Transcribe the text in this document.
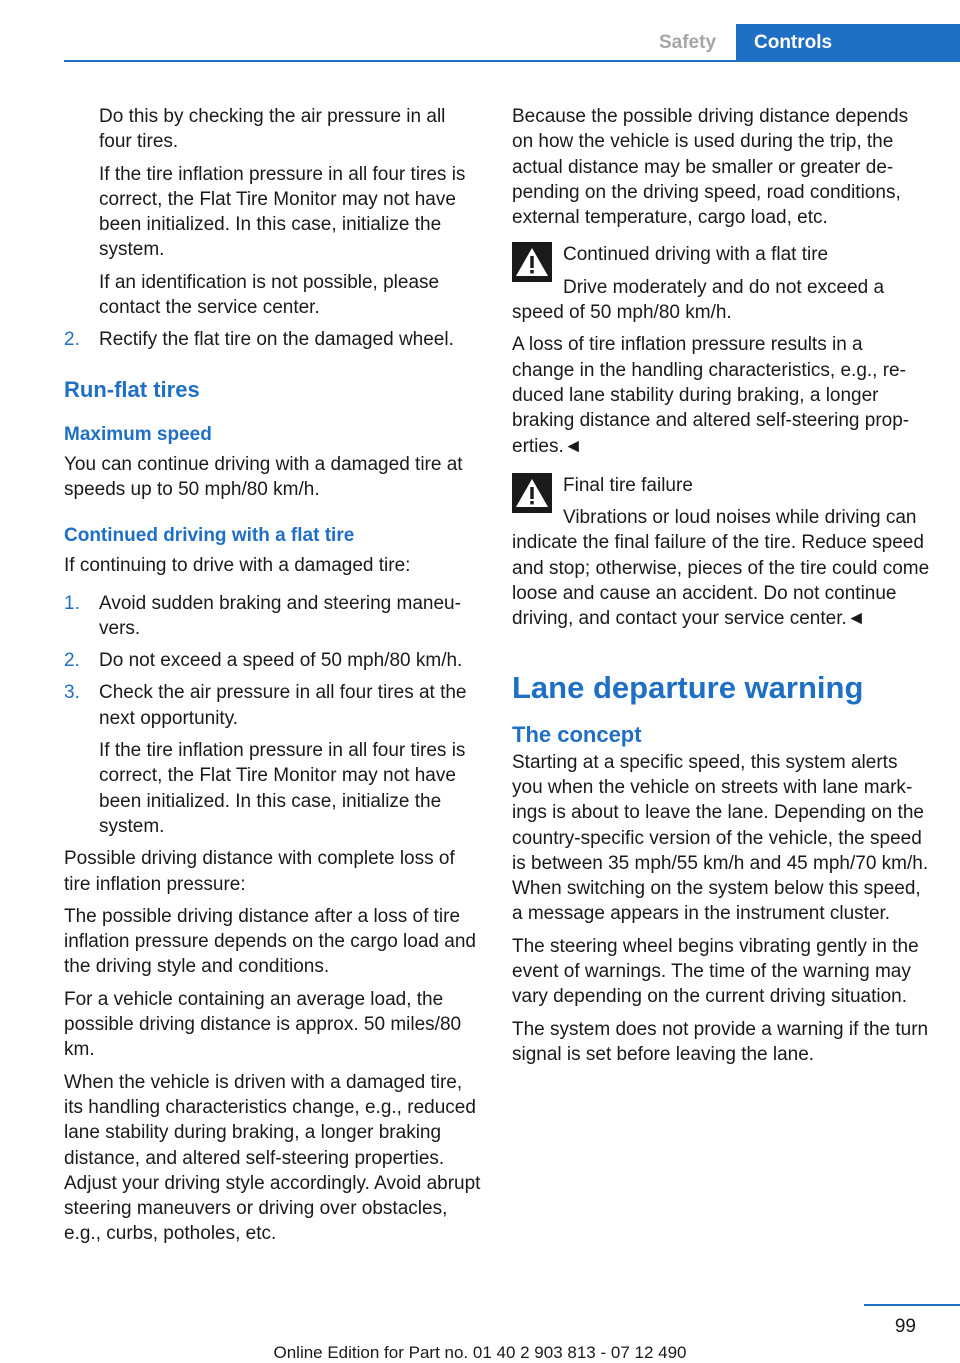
Safety	Controls

Do this by checking the air pressure in all four tires.

If the tire inflation pressure in all four tires is correct, the Flat Tire Monitor may not have been initialized. In this case, initialize the system.

If an identification is not possible, please contact the service center.

2.	Rectify the flat tire on the damaged wheel.
Run-flat tires
Maximum speed

You can continue driving with a damaged tire at speeds up to 50 mph/80 km/h.

Continued driving with a flat tire

If continuing to drive with a damaged tire:

1.	Avoid sudden braking and steering maneuvers.
2.	Do not exceed a speed of 50 mph/80 km/h.
3.	Check the air pressure in all four tires at the next opportunity.

If the tire inflation pressure in all four tires is correct, the Flat Tire Monitor may not have been initialized. In this case, initialize the system.

Possible driving distance with complete loss of tire inflation pressure:

The possible driving distance after a loss of tire inflation pressure depends on the cargo load and the driving style and conditions.

For a vehicle containing an average load, the possible driving distance is approx. 50 miles/80 km.

When the vehicle is driven with a damaged tire, its handling characteristics change, e.g., reduced lane stability during braking, a longer braking distance, and altered self-steering properties. Adjust your driving style accordingly. Avoid abrupt steering maneuvers or driving over obstacles, e.g., curbs, potholes, etc.

Because the possible driving distance depends on how the vehicle is used during the trip, the actual distance may be smaller or greater depending on the driving speed, road conditions, external temperature, cargo load, etc.

Continued driving with a flat tire

Drive moderately and do not exceed a speed of 50 mph/80 km/h.

A loss of tire inflation pressure results in a change in the handling characteristics, e.g., reduced lane stability during braking, a longer braking distance and altered self-steering properties.◄

Final tire failure

Vibrations or loud noises while driving can indicate the final failure of the tire. Reduce speed and stop; otherwise, pieces of the tire could come loose and cause an accident. Do not continue driving, and contact your service center.◄

Lane departure warning
The concept

Starting at a specific speed, this system alerts you when the vehicle on streets with lane markings is about to leave the lane. Depending on the country-specific version of the vehicle, the speed is between 35 mph/55 km/h and 45 mph/70 km/h. When switching on the system below this speed, a message appears in the instrument cluster.

The steering wheel begins vibrating gently in the event of warnings. The time of the warning may vary depending on the current driving situation.

The system does not provide a warning if the turn signal is set before leaving the lane.

99
Online Edition for Part no. 01 40 2 903 813 - 07 12 490
